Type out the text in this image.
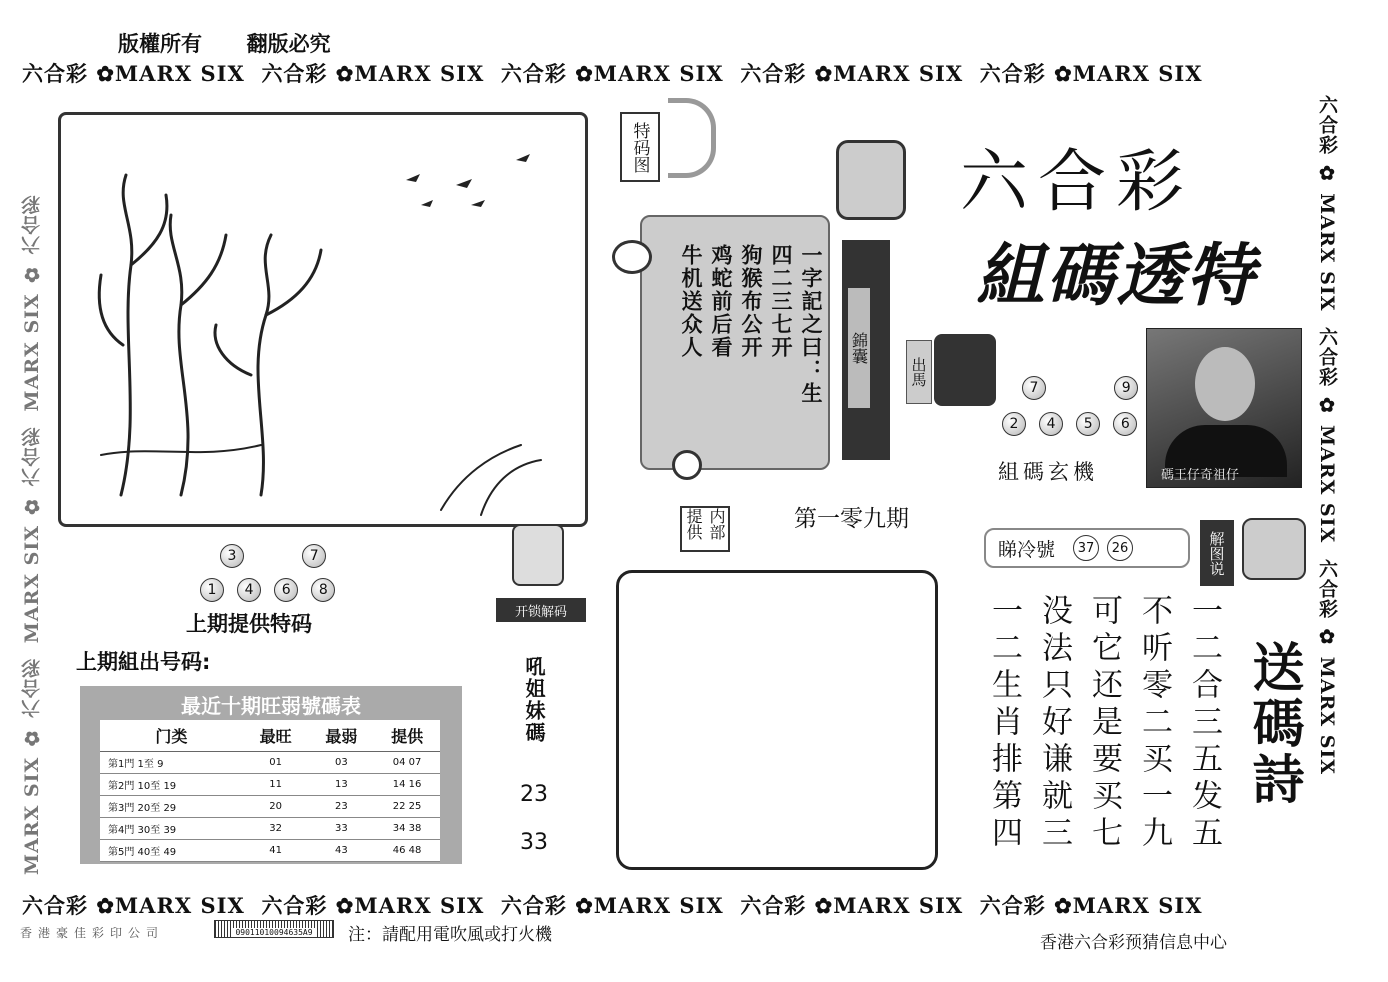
版權所有 翻版必究
六合彩 ✿MARX SIX 六合彩 ✿MARX SIX 六合彩 ✿MARX SIX 六合彩 ✿MARX SIX 六合彩 ✿MARX SIX
六合彩 ✿MARX SIX 六合彩 ✿MARX SIX 六合彩 ✿MARX SIX 六合彩 ✿MARX SIX 六合彩 ✿MARX SIX
MARX SIX ✿ 六合彩  MARX SIX ✿ 六合彩  MARX SIX ✿ 六合彩
六合彩 ✿ MARX SIX  六合彩 ✿ MARX SIX  六合彩 ✿ MARX SIX
特码图
3	7
1 4 6 8
上期提供特码	开锁解码
上期組出号码:
最近十期旺弱號碼表
门类	最旺	最弱	提供
第1門 1至 9	01	03	04 07
第2門 10至 19	11	13	14 16
第3門 20至 29	20	23	22 25
第4門 30至 39	32	33	34 38
第5門 40至 49	41	43	46 48
吼姐妹碼
23
33
一字記之曰：生
四二三七开
狗猴布公开
鸡蛇前后看
牛机送众人
内部提供
錦囊
出馬
第一零九期
六合彩
組碼透特
碼王仔奇祖仔
7	9
2 4 5 6
組碼玄機
睇冷號	37	26	解图说
一二合三五发五
不听零二买一九
可它还是要买七
没法只好谦就三
一二生肖排第四	送碼詩
香港豪佳彩印公司	09011010094635A9 注：請配用電吹風或打火機	香港六合彩预猜信息中心
